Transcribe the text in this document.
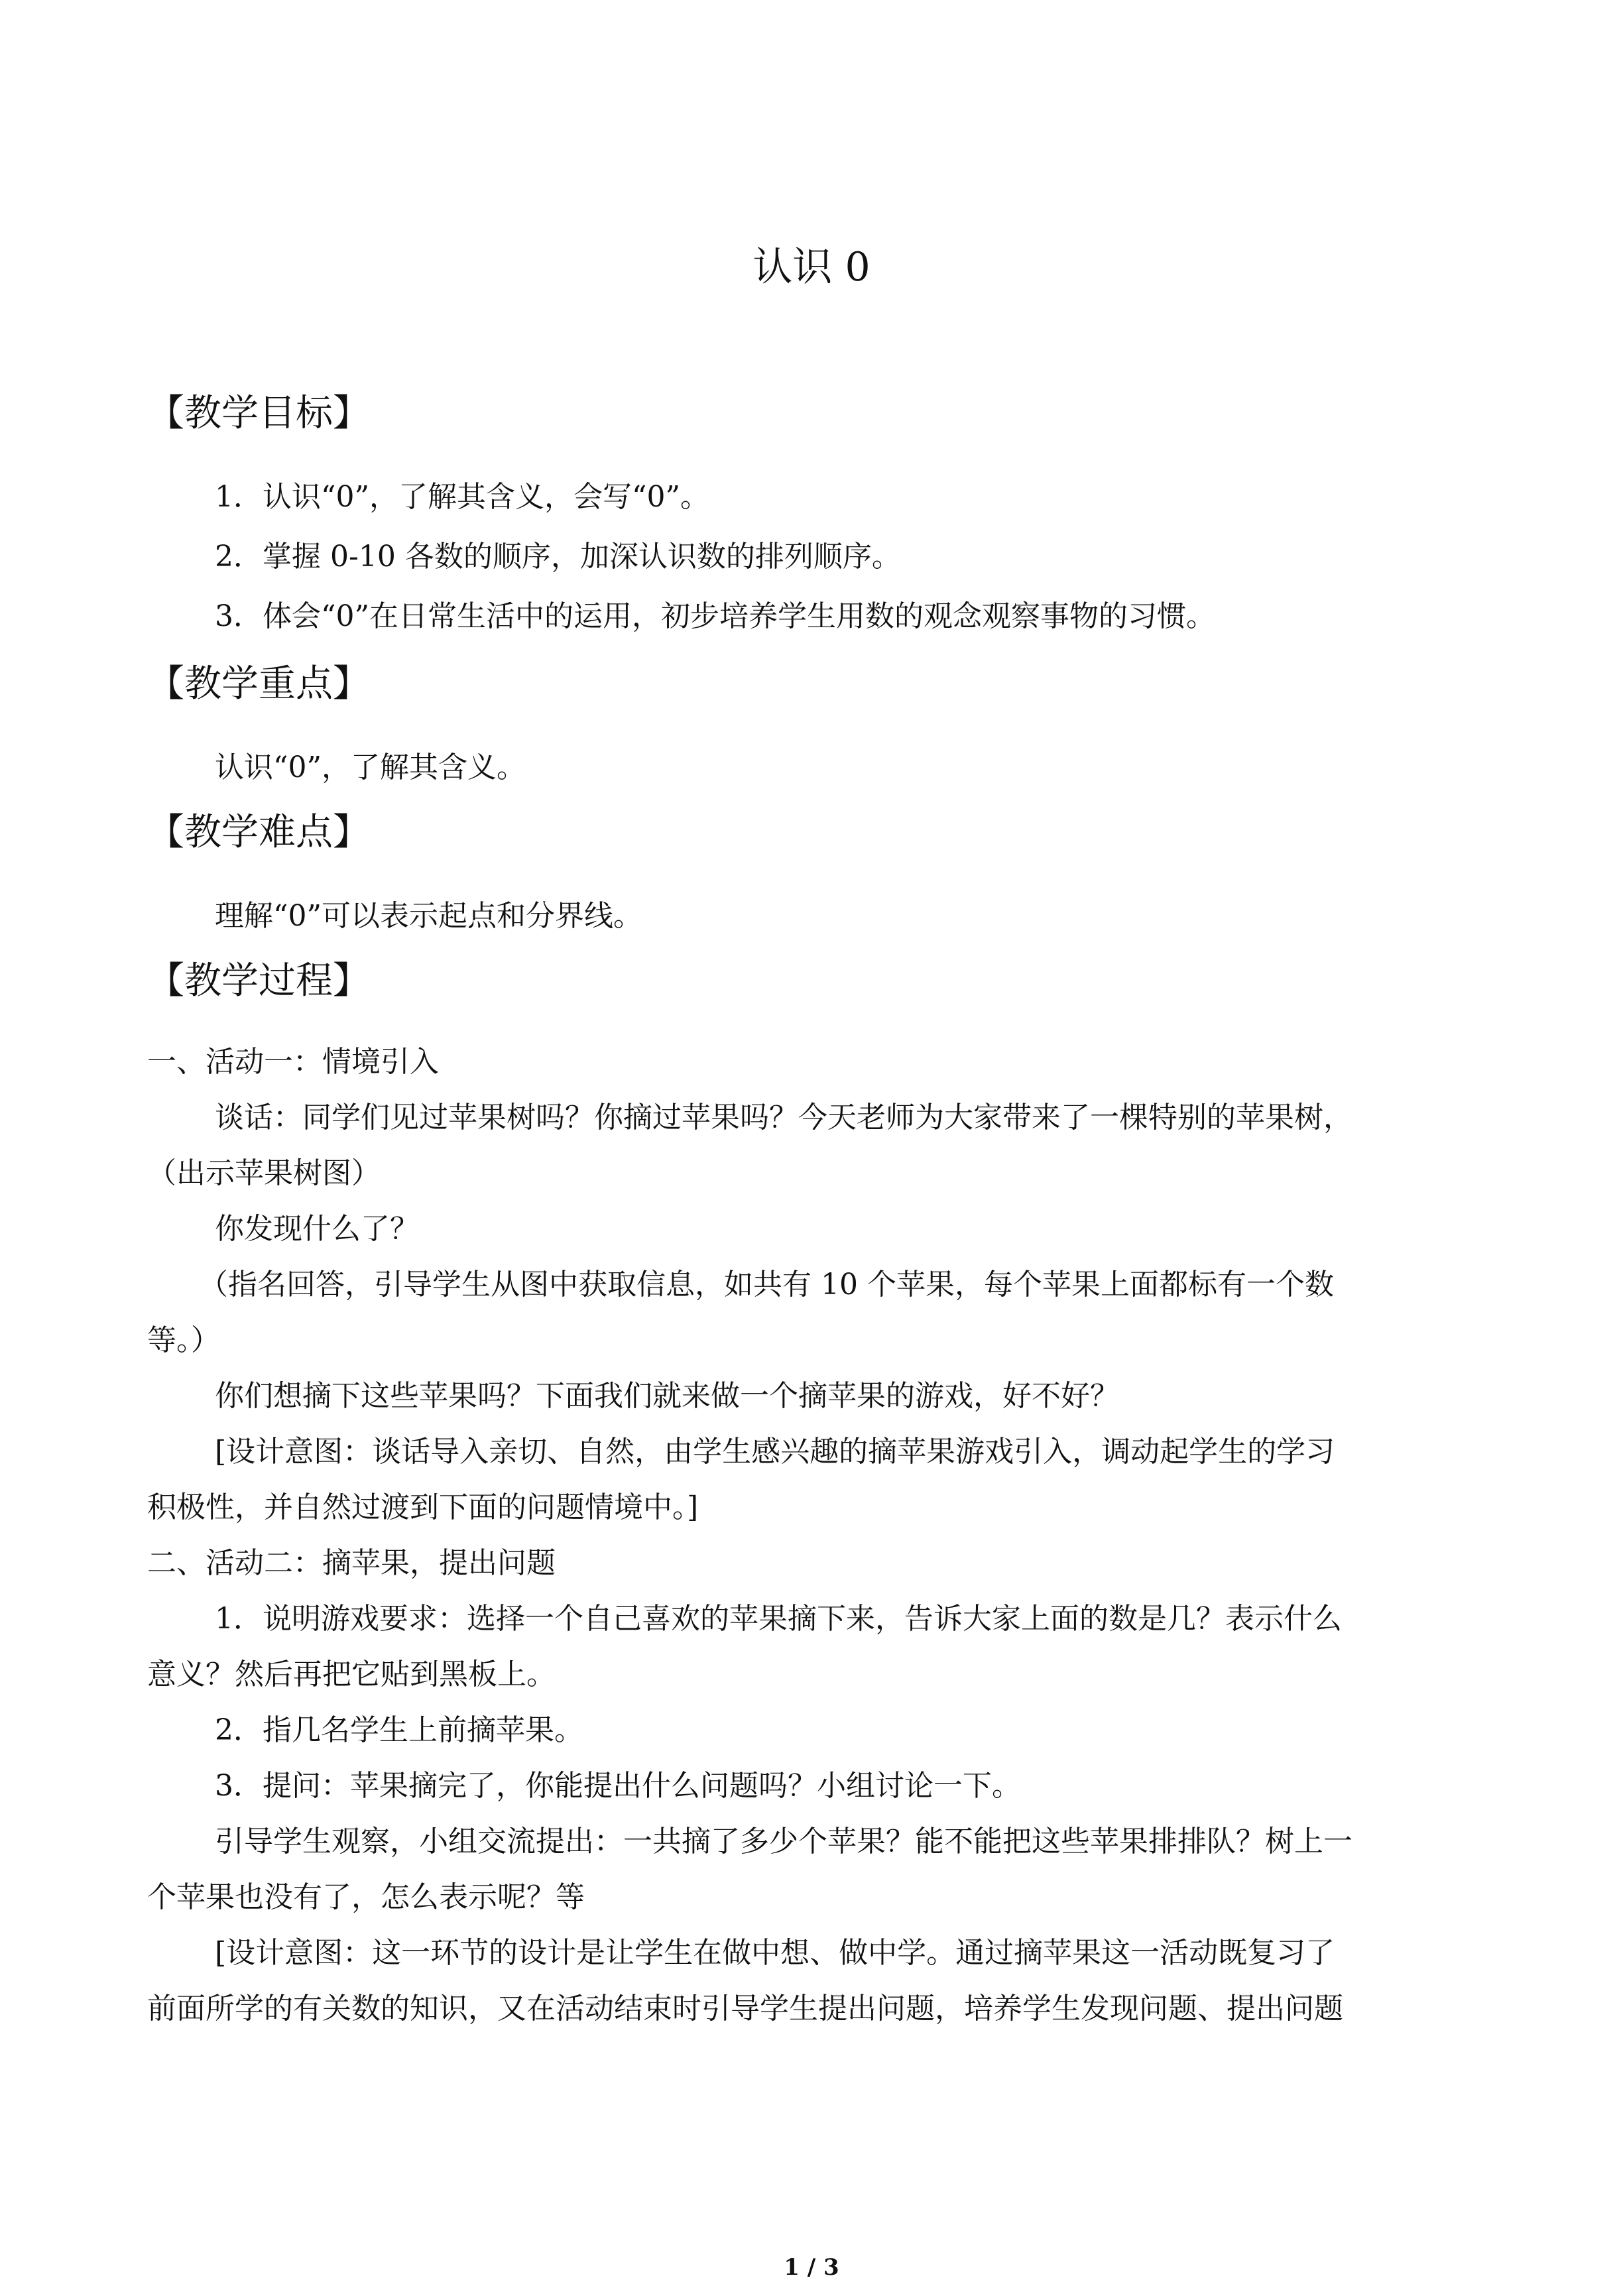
认识 0
【教学目标】
1．认识“0”，了解其含义，会写“0”。
2．掌握 0-10 各数的顺序，加深认识数的排列顺序。
3．体会“0”在日常生活中的运用，初步培养学生用数的观念观察事物的习惯。
【教学重点】
认识“0”，了解其含义。
【教学难点】
理解“0”可以表示起点和分界线。
【教学过程】
一、活动一：情境引入
谈话：同学们见过苹果树吗？你摘过苹果吗？今天老师为大家带来了一棵特别的苹果树，
（出示苹果树图）
你发现什么了？
（指名回答，引导学生从图中获取信息，如共有 10 个苹果，每个苹果上面都标有一个数
等。）
你们想摘下这些苹果吗？下面我们就来做一个摘苹果的游戏，好不好？
[设计意图：谈话导入亲切、自然，由学生感兴趣的摘苹果游戏引入，调动起学生的学习
积极性，并自然过渡到下面的问题情境中。]
二、活动二：摘苹果，提出问题
1．说明游戏要求：选择一个自己喜欢的苹果摘下来，告诉大家上面的数是几？表示什么
意义？然后再把它贴到黑板上。
2．指几名学生上前摘苹果。
3．提问：苹果摘完了，你能提出什么问题吗？小组讨论一下。
引导学生观察，小组交流提出：一共摘了多少个苹果？能不能把这些苹果排排队？树上一
个苹果也没有了，怎么表示呢？等
[设计意图：这一环节的设计是让学生在做中想、做中学。通过摘苹果这一活动既复习了
前面所学的有关数的知识，又在活动结束时引导学生提出问题，培养学生发现问题、提出问题
1 / 3
